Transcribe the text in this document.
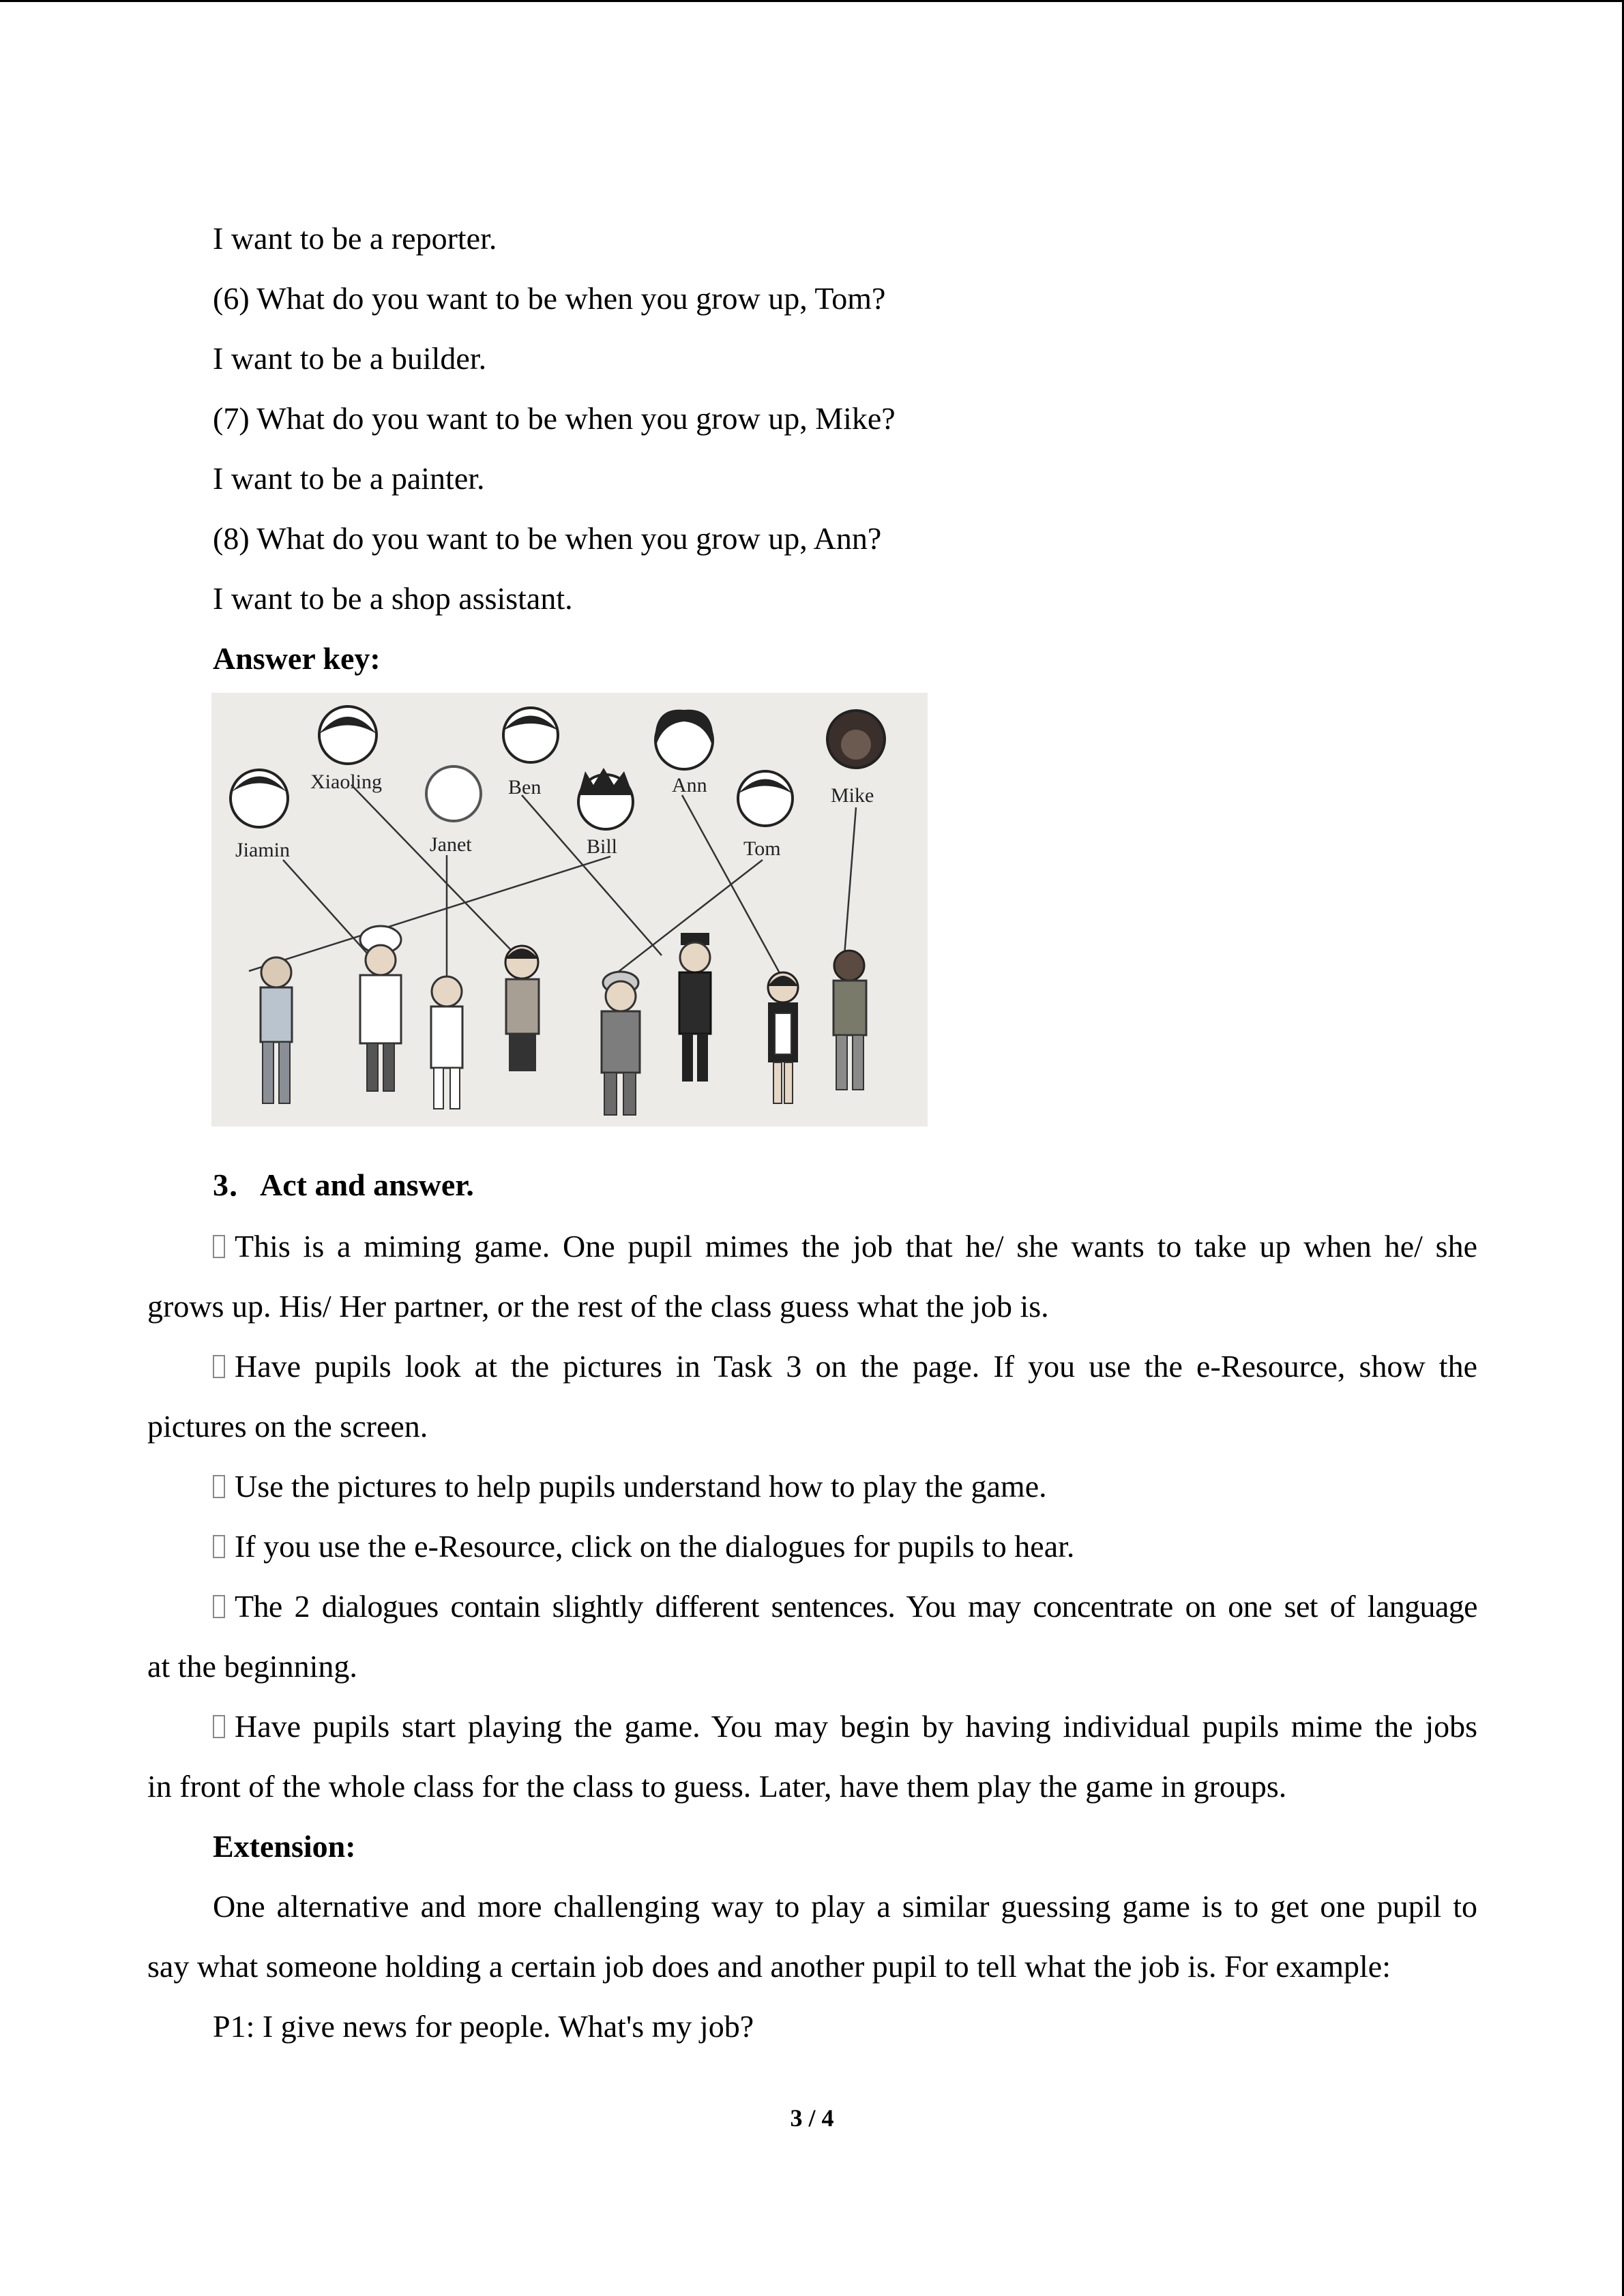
I want to be a reporter.
(6) What do you want to be when you grow up, Tom?
I want to be a builder.
(7) What do you want to be when you grow up, Mike?
I want to be a painter.
(8) What do you want to be when you grow up, Ann?
I want to be a shop assistant.
Answer key:
Xiaoling	Ben	Ann	Mike
Jiamin	Janet	Bill	Tom
3．Act and answer.
This is a miming game. One pupil mimes the job that he/ she wants to take up when he/ she
grows up. His/ Her partner, or the rest of the class guess what the job is.
Have pupils look at the pictures in Task 3 on the page. If you use the e-Resource, show the
pictures on the screen.
Use the pictures to help pupils understand how to play the game.
If you use the e-Resource, click on the dialogues for pupils to hear.
The 2 dialogues contain slightly different sentences. You may concentrate on one set of language
at the beginning.
Have pupils start playing the game. You may begin by having individual pupils mime the jobs
in front of the whole class for the class to guess. Later, have them play the game in groups.
Extension:
One alternative and more challenging way to play a similar guessing game is to get one pupil to
say what someone holding a certain job does and another pupil to tell what the job is. For example:
P1: I give news for people. What's my job?
3 / 4
